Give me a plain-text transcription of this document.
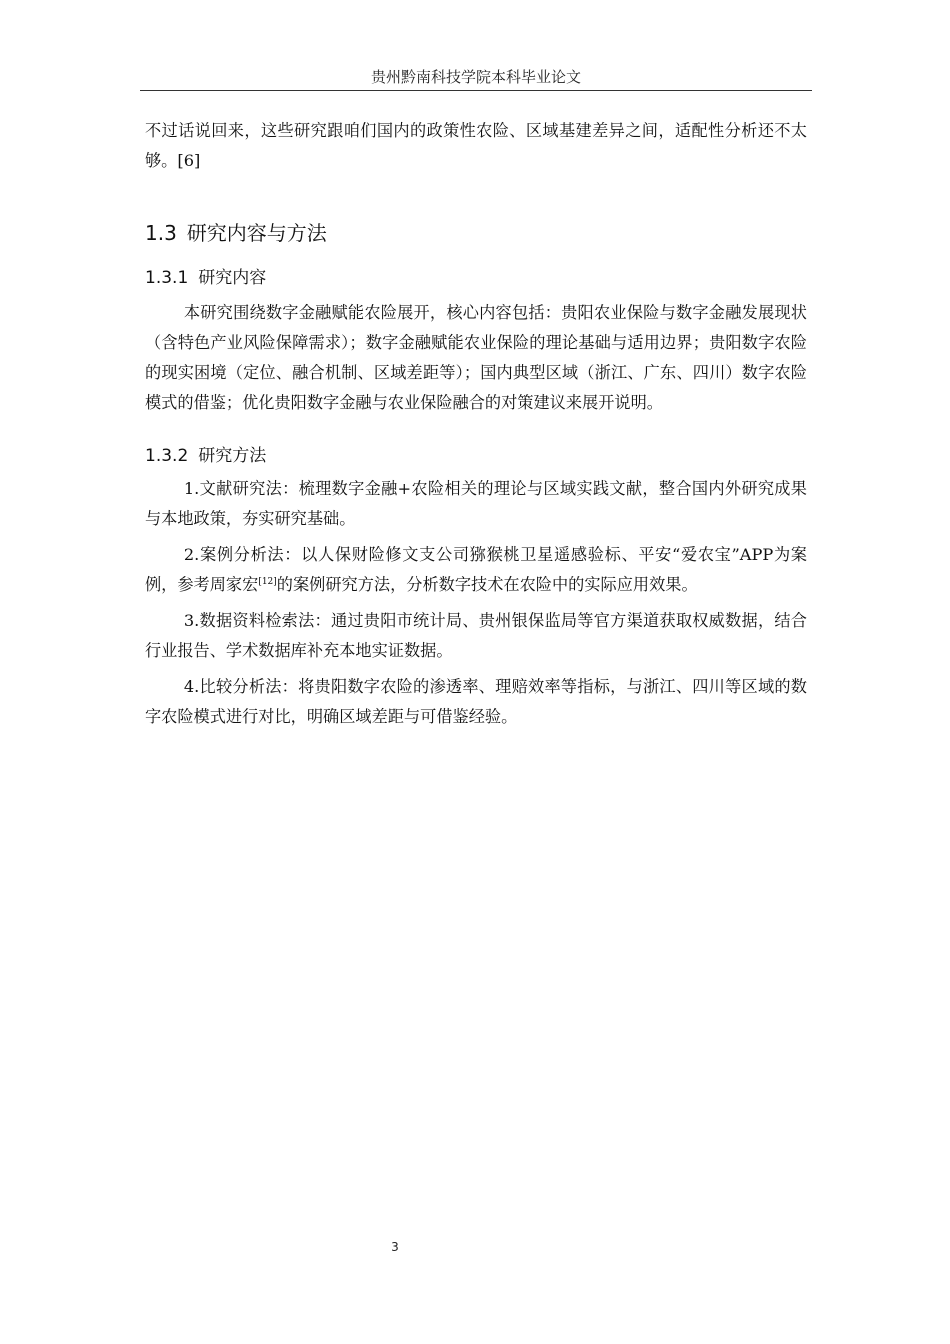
贵州黔南科技学院本科毕业论文

不过话说回来，这些研究跟咱们国内的政策性农险、区域基建差异之间，适配性分析还不太够。[6]

1.3 研究内容与方法
1.3.1 研究内容

本研究围绕数字金融赋能农险展开，核心内容包括：贵阳农业保险与数字金融发展现状（含特色产业风险保障需求）；数字金融赋能农业保险的理论基础与适用边界；贵阳数字农险的现实困境（定位、融合机制、区域差距等）；国内典型区域（浙江、广东、四川）数字农险模式的借鉴；优化贵阳数字金融与农业保险融合的对策建议来展开说明。

1.3.2 研究方法

1.文献研究法：梳理数字金融+农险相关的理论与区域实践文献，整合国内外研究成果与本地政策，夯实研究基础。

2.案例分析法：以人保财险修文支公司猕猴桃卫星遥感验标、平安“爱农宝”APP为案例，参考周家宏[12]的案例研究方法，分析数字技术在农险中的实际应用效果。

3.数据资料检索法：通过贵阳市统计局、贵州银保监局等官方渠道获取权威数据，结合行业报告、学术数据库补充本地实证数据。

4.比较分析法：将贵阳数字农险的渗透率、理赔效率等指标，与浙江、四川等区域的数字农险模式进行对比，明确区域差距与可借鉴经验。

3
